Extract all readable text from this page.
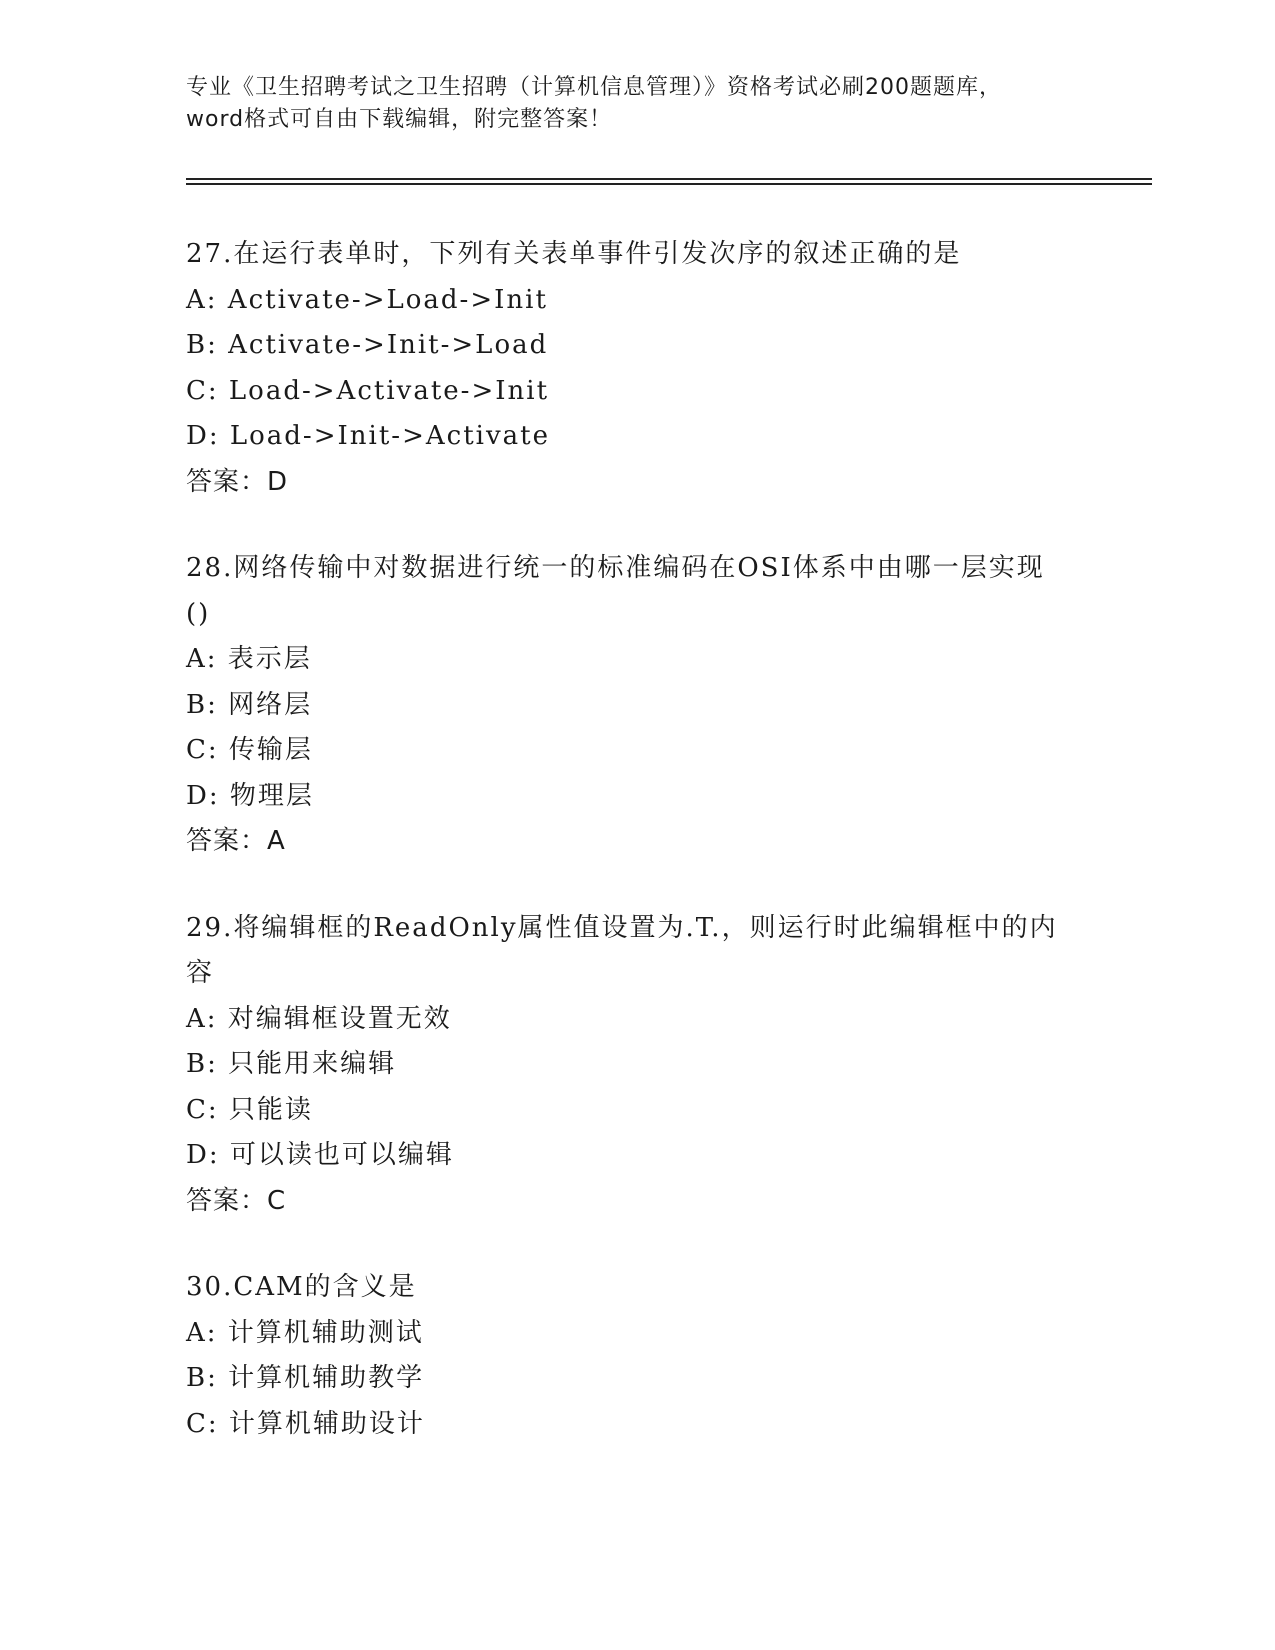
专业《卫生招聘考试之卫生招聘（计算机信息管理）》资格考试必刷200题题库，
word格式可自由下载编辑，附完整答案！
27.在运行表单时，下列有关表单事件引发次序的叙述正确的是
A: Activate->Load->Init
B: Activate->Init->Load
C: Load->Activate->Init
D: Load->Init->Activate
答案：D
28.网络传输中对数据进行统一的标准编码在OSI体系中由哪一层实现
()
A: 表示层
B: 网络层
C: 传输层
D: 物理层
答案：A
29.将编辑框的ReadOnly属性值设置为.T.，则运行时此编辑框中的内
容
A: 对编辑框设置无效
B: 只能用来编辑
C: 只能读
D: 可以读也可以编辑
答案：C
30.CAM的含义是
A: 计算机辅助测试
B: 计算机辅助教学
C: 计算机辅助设计
